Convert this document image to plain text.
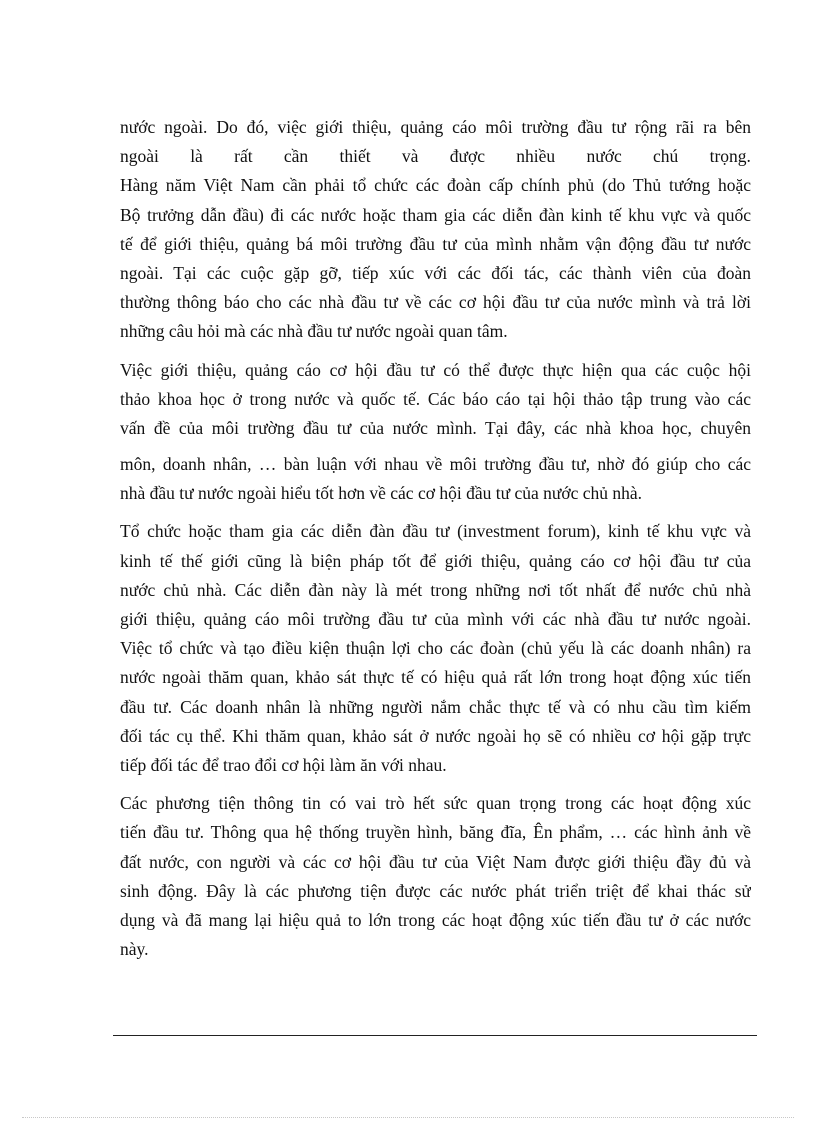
nước ngoài. Do đó, việc giới thiệu, quảng cáo môi trường đầu tư rộng rãi ra bên
ngoài là rất cần thiết và được nhiều nước chú trọng.
Hàng năm Việt Nam cần phải tổ chức các đoàn cấp chính phủ (do Thủ tướng hoặc
Bộ trưởng dẫn đầu) đi các nước hoặc tham gia các diễn đàn kinh tế khu vực và quốc
tế để giới thiệu, quảng bá môi trường đầu tư của mình nhằm vận động đầu tư nước
ngoài. Tại các cuộc gặp gỡ, tiếp xúc với các đối tác, các thành viên của đoàn
thường thông báo cho các nhà đầu tư về các cơ hội đầu tư của nước mình và trả lời
những câu hỏi mà các nhà đầu tư nước ngoài quan tâm.
Việc giới thiệu, quảng cáo cơ hội đầu tư có thể được thực hiện qua các cuộc hội
thảo khoa học ở trong nước và quốc tế. Các báo cáo tại hội thảo tập trung vào các
vấn đề của môi trường đầu tư của nước mình. Tại đây, các nhà khoa học, chuyên
môn, doanh nhân, … bàn luận với nhau về môi trường đầu tư, nhờ đó giúp cho các
nhà đầu tư nước ngoài hiểu tốt hơn về các cơ hội đầu tư của nước chủ nhà.
Tổ chức hoặc tham gia các diễn đàn đầu tư (investment forum), kinh tế khu vực và
kinh tế thế giới cũng là biện pháp tốt để giới thiệu, quảng cáo cơ hội đầu tư của
nước chủ nhà. Các diễn đàn này là mét trong những nơi tốt nhất để nước chủ nhà
giới thiệu, quảng cáo môi trường đầu tư của mình với các nhà đầu tư nước ngoài.
Việc tổ chức và tạo điều kiện thuận lợi cho các đoàn (chủ yếu là các doanh nhân) ra
nước ngoài thăm quan, khảo sát thực tế có hiệu quả rất lớn trong hoạt động xúc tiến
đầu tư. Các doanh nhân là những người nắm chắc thực tế và có nhu cầu tìm kiếm
đối tác cụ thể. Khi thăm quan, khảo sát ở nước ngoài họ sẽ có nhiều cơ hội gặp trực
tiếp đối tác để trao đổi cơ hội làm ăn với nhau.
Các phương tiện thông tin có vai trò hết sức quan trọng trong các hoạt động xúc
tiến đầu tư. Thông qua hệ thống truyền hình, băng đĩa, Ên phẩm, … các hình ảnh về
đất nước, con người và các cơ hội đầu tư của Việt Nam được giới thiệu đầy đủ và
sinh động. Đây là các phương tiện được các nước phát triển triệt để khai thác sử
dụng và đã mang lại hiệu quả to lớn trong các hoạt động xúc tiến đầu tư ở các nước
này.
